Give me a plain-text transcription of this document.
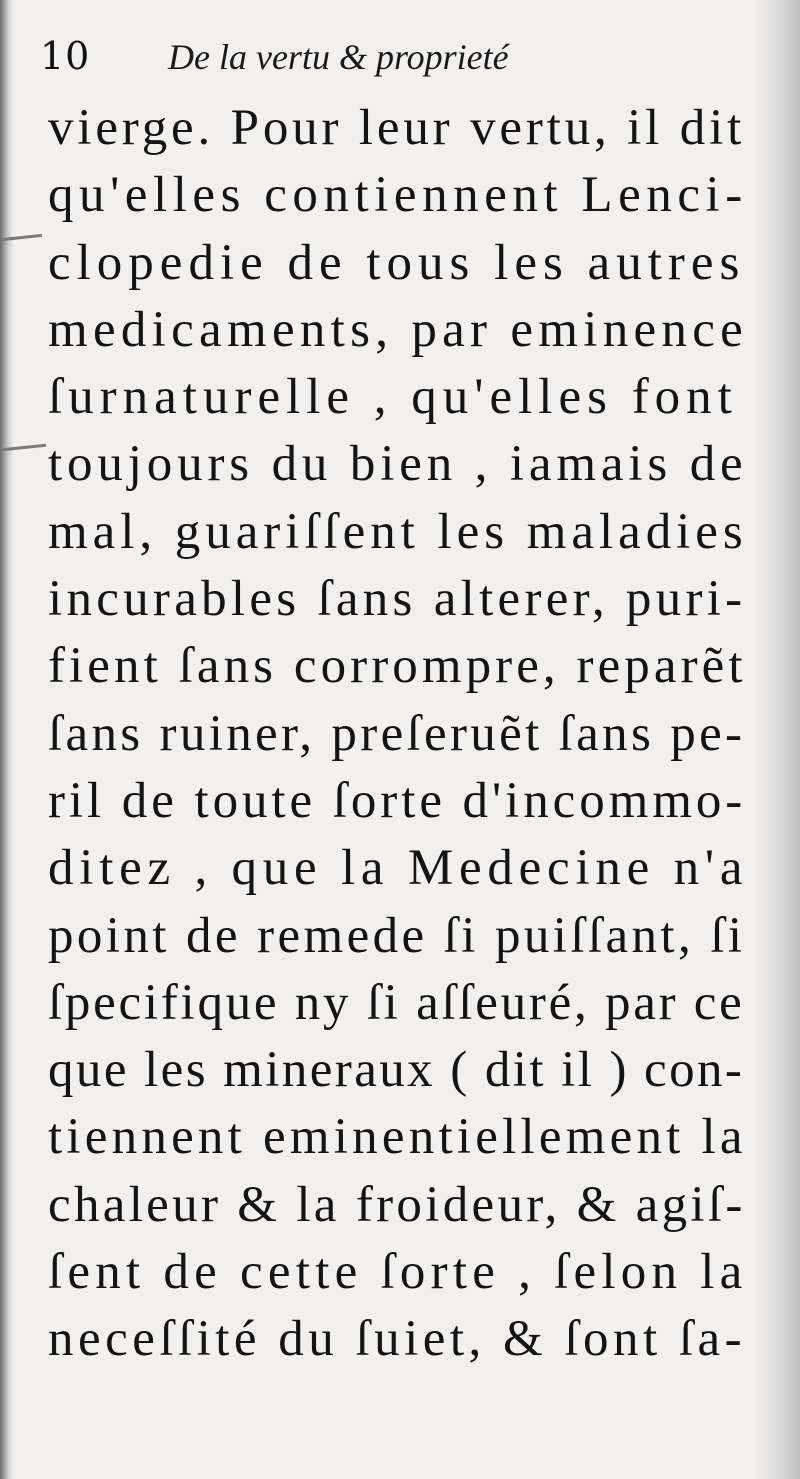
10 De la vertu & proprieté
vierge. Pour leur vertu, il dit
qu'elles contiennent Lenci-
clopedie de tous les autres
medicaments, par eminence
ſurnaturelle , qu'elles font
toujours du bien , iamais de
mal, guariſſent les maladies
incurables ſans alterer, puri-
fient ſans corrompre, reparẽt
ſans ruiner, preſeruẽt ſans pe-
ril de toute ſorte d'incommo-
ditez , que la Medecine n'a
point de remede ſi puiſſant, ſi
ſpecifique ny ſi aſſeuré, par ce
que les mineraux ( dit il ) con-
tiennent eminentiellement la
chaleur & la froideur, & agiſ-
ſent de cette ſorte , ſelon la
neceſſité du ſuiet, & ſont ſa-
